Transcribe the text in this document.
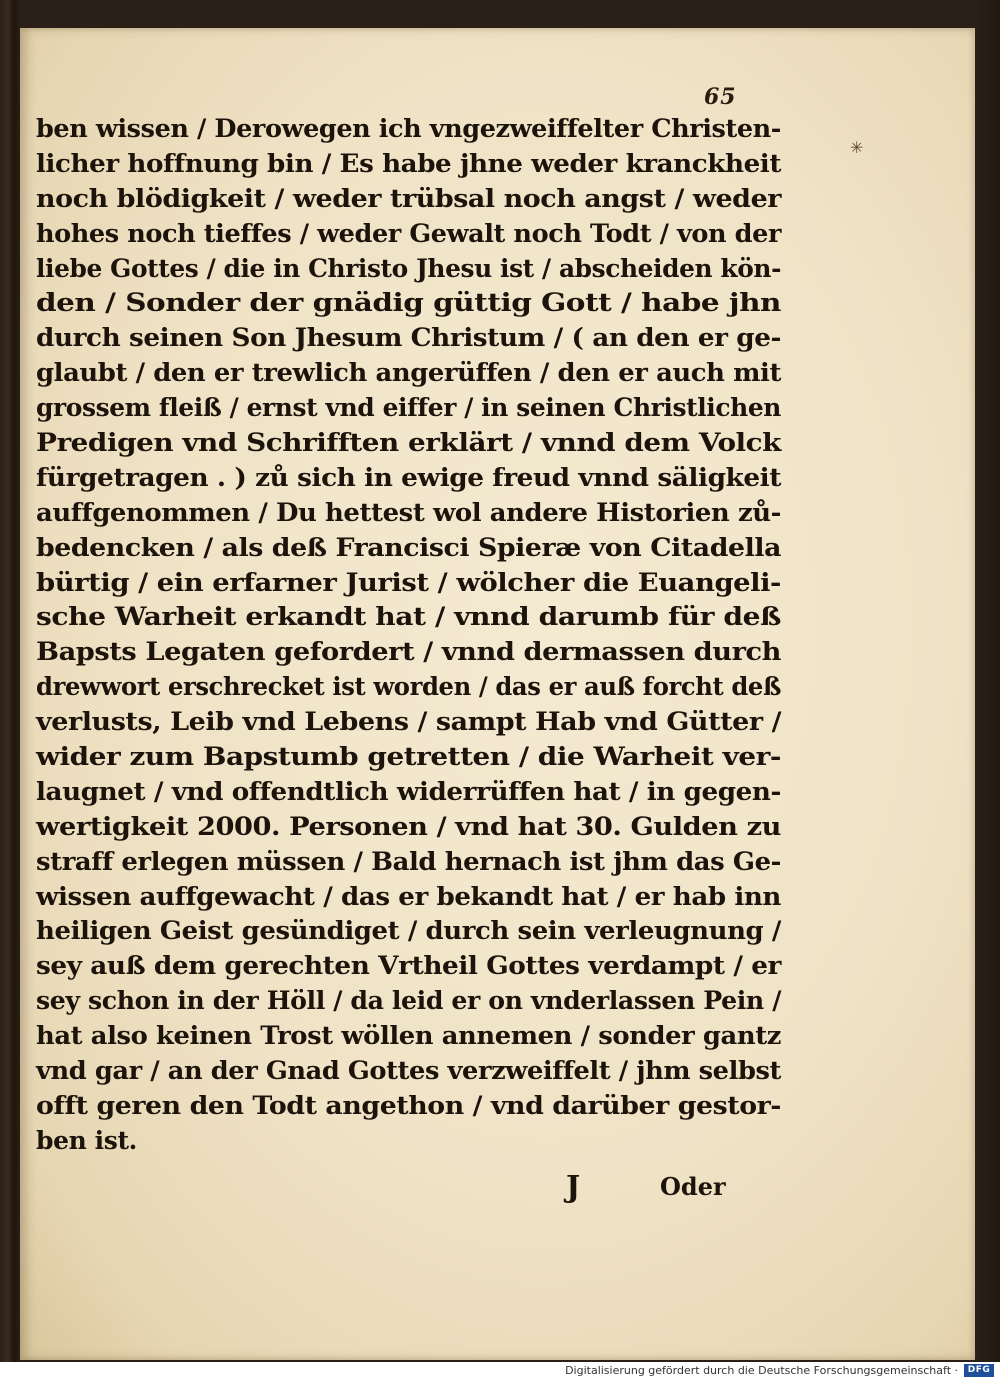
65
✳
ben wissen / Derowegen ich vngezweiffelter Christen-
licher hoffnung bin / Es habe jhne weder kranckheit
noch blödigkeit / weder trübsal noch angst / weder
hohes noch tieffes / weder Gewalt noch Todt / von der
liebe Gottes / die in Christo Jhesu ist / abscheiden kön-
den / Sonder der gnädig güttig Gott / habe jhn
durch seinen Son Jhesum Christum / ( an den er ge-
glaubt / den er trewlich angerüffen / den er auch mit
grossem fleiß / ernst vnd eiffer / in seinen Christlichen
Predigen vnd Schrifften erklärt / vnnd dem Volck
fürgetragen . ) zů sich in ewige freud vnnd säligkeit
auffgenommen / Du hettest wol andere Historien zů-
bedencken / als deß Francisci Spieræ von Citadella
bürtig / ein erfarner Jurist / wölcher die Euangeli-
sche Warheit erkandt hat / vnnd darumb für deß
Bapsts Legaten gefordert / vnnd dermassen durch
drewwort erschrecket ist worden / das er auß forcht deß
verlusts, Leib vnd Lebens / sampt Hab vnd Gütter /
wider zum Bapstumb getretten / die Warheit ver-
laugnet / vnd offendtlich widerrüffen hat / in gegen-
wertigkeit 2000. Personen / vnd hat 30. Gulden zu
straff erlegen müssen / Bald hernach ist jhm das Ge-
wissen auffgewacht / das er bekandt hat / er hab inn
heiligen Geist gesündiget / durch sein verleugnung /
sey auß dem gerechten Vrtheil Gottes verdampt / er
sey schon in der Höll / da leid er on vnderlassen Pein /
hat also keinen Trost wöllen annemen / sonder gantz
vnd gar / an der Gnad Gottes verzweiffelt / jhm selbst
offt geren den Todt angethon / vnd darüber gestor-
ben ist.
J	Oder
Digitalisierung gefördert durch die Deutsche Forschungsgemeinschaft ·	DFG
